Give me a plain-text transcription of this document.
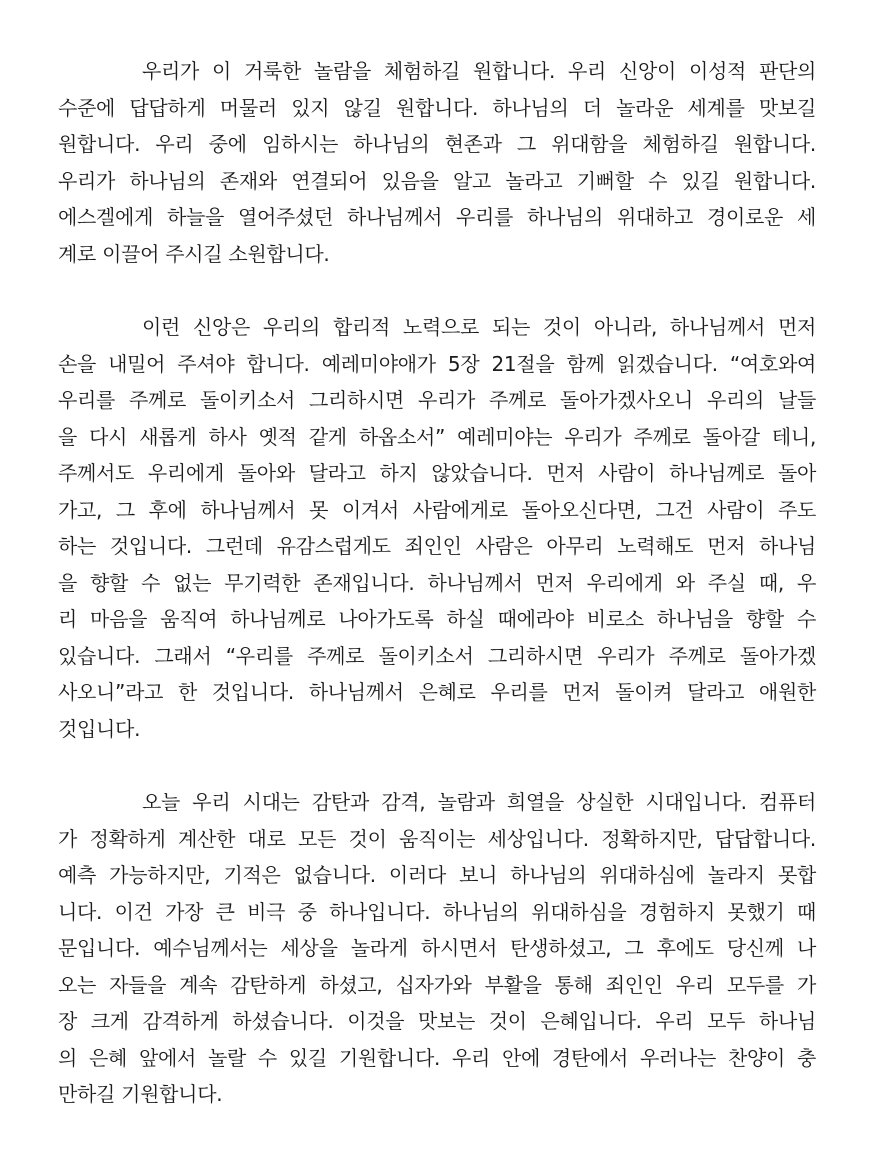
우리가 이 거룩한 놀람을 체험하길 원합니다. 우리 신앙이 이성적 판단의
수준에 답답하게 머물러 있지 않길 원합니다. 하나님의 더 놀라운 세계를 맛보길
원합니다. 우리 중에 임하시는 하나님의 현존과 그 위대함을 체험하길 원합니다.
우리가 하나님의 존재와 연결되어 있음을 알고 놀라고 기뻐할 수 있길 원합니다.
에스겔에게 하늘을 열어주셨던 하나님께서 우리를 하나님의 위대하고 경이로운 세
계로 이끌어 주시길 소원합니다.
이런 신앙은 우리의 합리적 노력으로 되는 것이 아니라, 하나님께서 먼저
손을 내밀어 주셔야 합니다. 예레미야애가 5장 21절을 함께 읽겠습니다. “여호와여
우리를 주께로 돌이키소서 그리하시면 우리가 주께로 돌아가겠사오니 우리의 날들
을 다시 새롭게 하사 옛적 같게 하옵소서” 예레미야는 우리가 주께로 돌아갈 테니,
주께서도 우리에게 돌아와 달라고 하지 않았습니다. 먼저 사람이 하나님께로 돌아
가고, 그 후에 하나님께서 못 이겨서 사람에게로 돌아오신다면, 그건 사람이 주도
하는 것입니다. 그런데 유감스럽게도 죄인인 사람은 아무리 노력해도 먼저 하나님
을 향할 수 없는 무기력한 존재입니다. 하나님께서 먼저 우리에게 와 주실 때, 우
리 마음을 움직여 하나님께로 나아가도록 하실 때에라야 비로소 하나님을 향할 수
있습니다. 그래서 “우리를 주께로 돌이키소서 그리하시면 우리가 주께로 돌아가겠
사오니”라고 한 것입니다. 하나님께서 은혜로 우리를 먼저 돌이켜 달라고 애원한
것입니다.
오늘 우리 시대는 감탄과 감격, 놀람과 희열을 상실한 시대입니다. 컴퓨터
가 정확하게 계산한 대로 모든 것이 움직이는 세상입니다. 정확하지만, 답답합니다.
예측 가능하지만, 기적은 없습니다. 이러다 보니 하나님의 위대하심에 놀라지 못합
니다. 이건 가장 큰 비극 중 하나입니다. 하나님의 위대하심을 경험하지 못했기 때
문입니다. 예수님께서는 세상을 놀라게 하시면서 탄생하셨고, 그 후에도 당신께 나
오는 자들을 계속 감탄하게 하셨고, 십자가와 부활을 통해 죄인인 우리 모두를 가
장 크게 감격하게 하셨습니다. 이것을 맛보는 것이 은혜입니다. 우리 모두 하나님
의 은혜 앞에서 놀랄 수 있길 기원합니다. 우리 안에 경탄에서 우러나는 찬양이 충
만하길 기원합니다.
